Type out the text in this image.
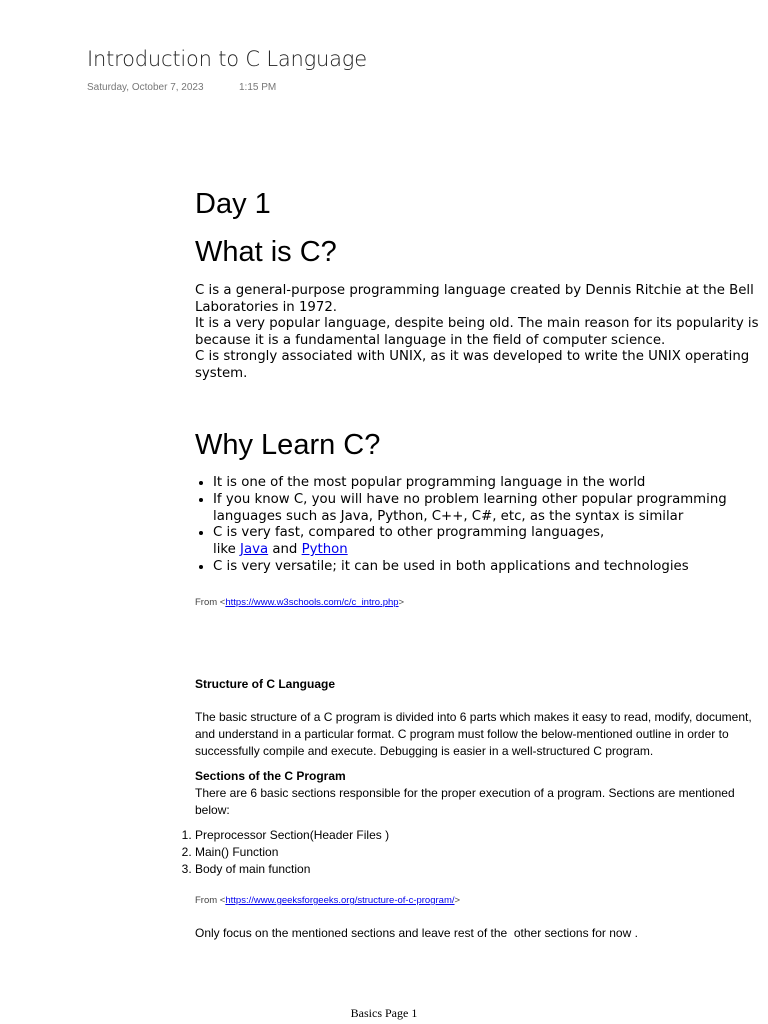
Introduction to C Language
Saturday, October 7, 2023	1:15 PM
Day 1
What is C?

C is a general-purpose programming language created by Dennis Ritchie at the Bell Laboratories in 1972.

It is a very popular language, despite being old. The main reason for its popularity is because it is a fundamental language in the field of computer science.

C is strongly associated with UNIX, as it was developed to write the UNIX operating system.

Why Learn C?
• It is one of the most popular programming language in the world
• If you know C, you will have no problem learning other popular programming languages such as Java, Python, C++, C#, etc, as the syntax is similar
• C is very fast, compared to other programming languages,
like Java and Python
• C is very versatile; it can be used in both applications and technologies
From <https://www.w3schools.com/c/c_intro.php>
Structure of C Language
The basic structure of a C program is divided into 6 parts which makes it easy to read, modify, document, and understand in a particular format. C program must follow the below-mentioned outline in order to successfully compile and execute. Debugging is easier in a well-structured C program.
Sections of the C Program
There are 6 basic sections responsible for the proper execution of a program. Sections are mentioned below:
1. Preprocessor Section(Header Files )
2. Main() Function
3. Body of main function
From <https://www.geeksforgeeks.org/structure-of-c-program/>
Only focus on the mentioned sections and leave rest of the  other sections for now .
Basics Page 1
